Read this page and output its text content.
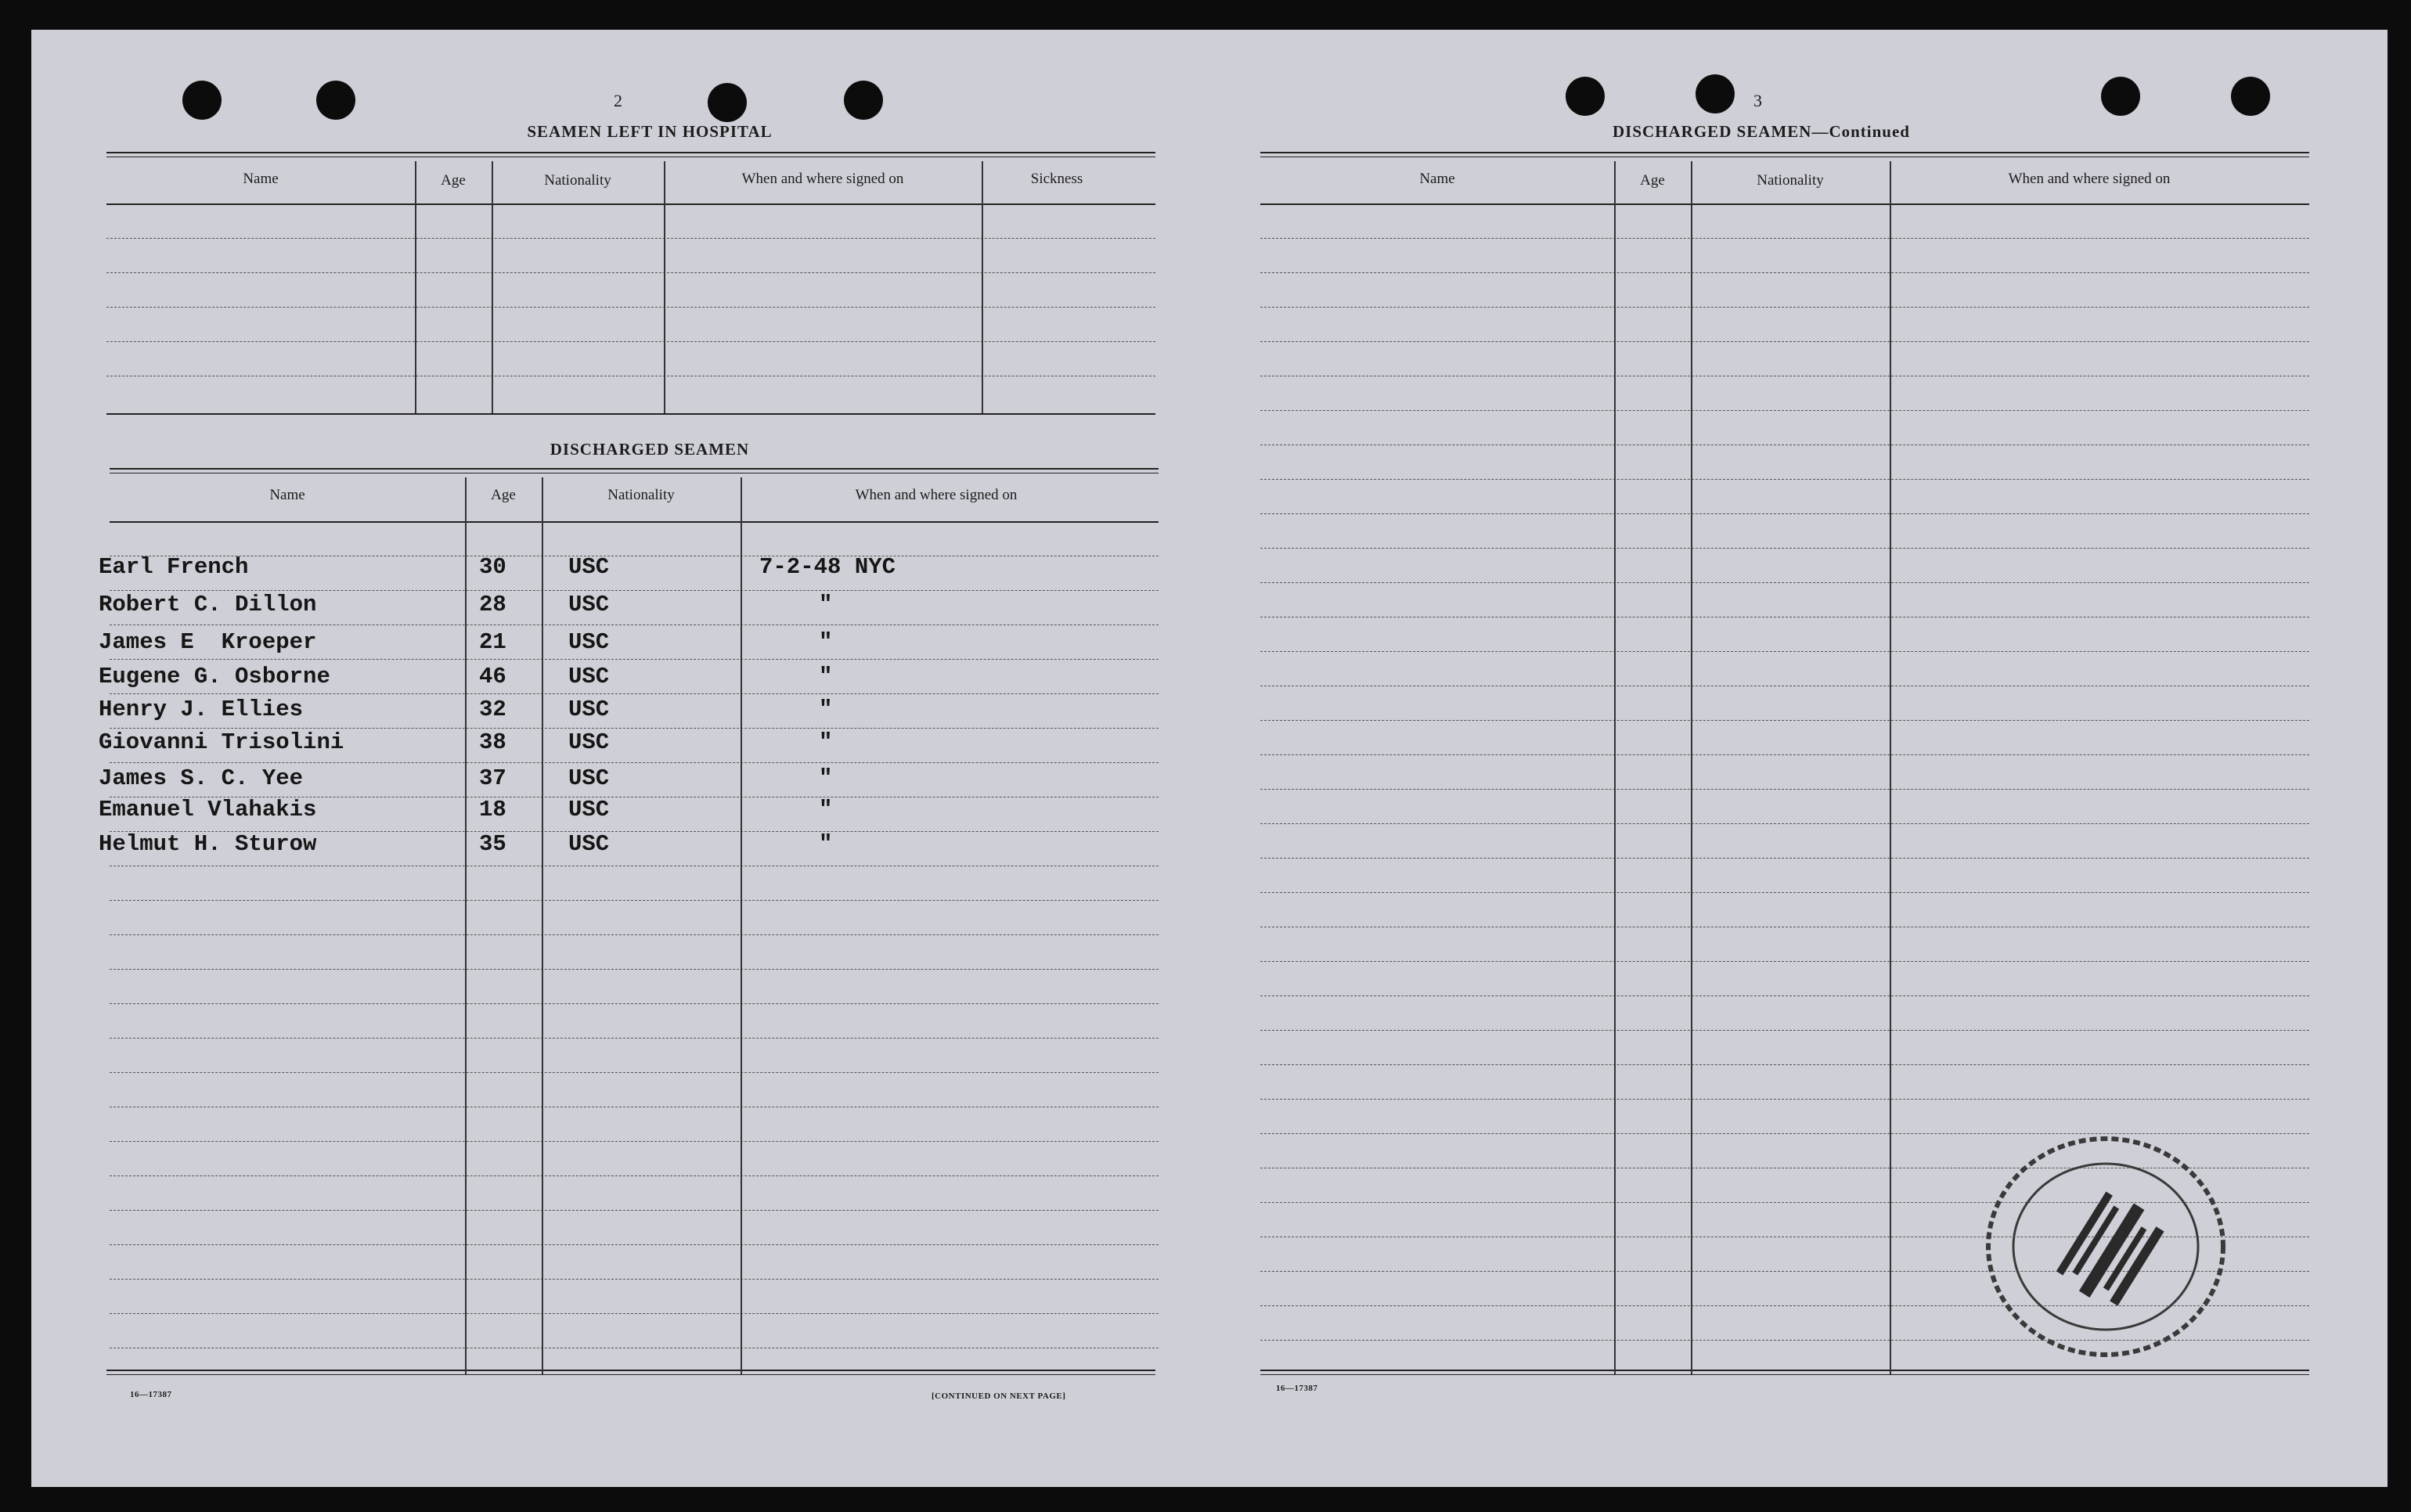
2
SEAMEN LEFT IN HOSPITAL
Name	Age	Nationality	When and where signed on	Sickness
DISCHARGED SEAMEN
Name	Age	Nationality	When and where signed on
Earl French	30	USC	7-2-48 NYC
Robert C. Dillon	28	USC	"
James E  Kroeper	21	USC	"
Eugene G. Osborne	46	USC	"
Henry J. Ellies	32	USC	"
Giovanni Trisolini	38	USC	"
James S. C. Yee	37	USC	"
Emanuel Vlahakis	18	USC	"
Helmut H. Sturow	35	USC	"
16—17387	[CONTINUED ON NEXT PAGE]
3
DISCHARGED SEAMEN—Continued
Name	Age	Nationality	When and where signed on
16—17387
